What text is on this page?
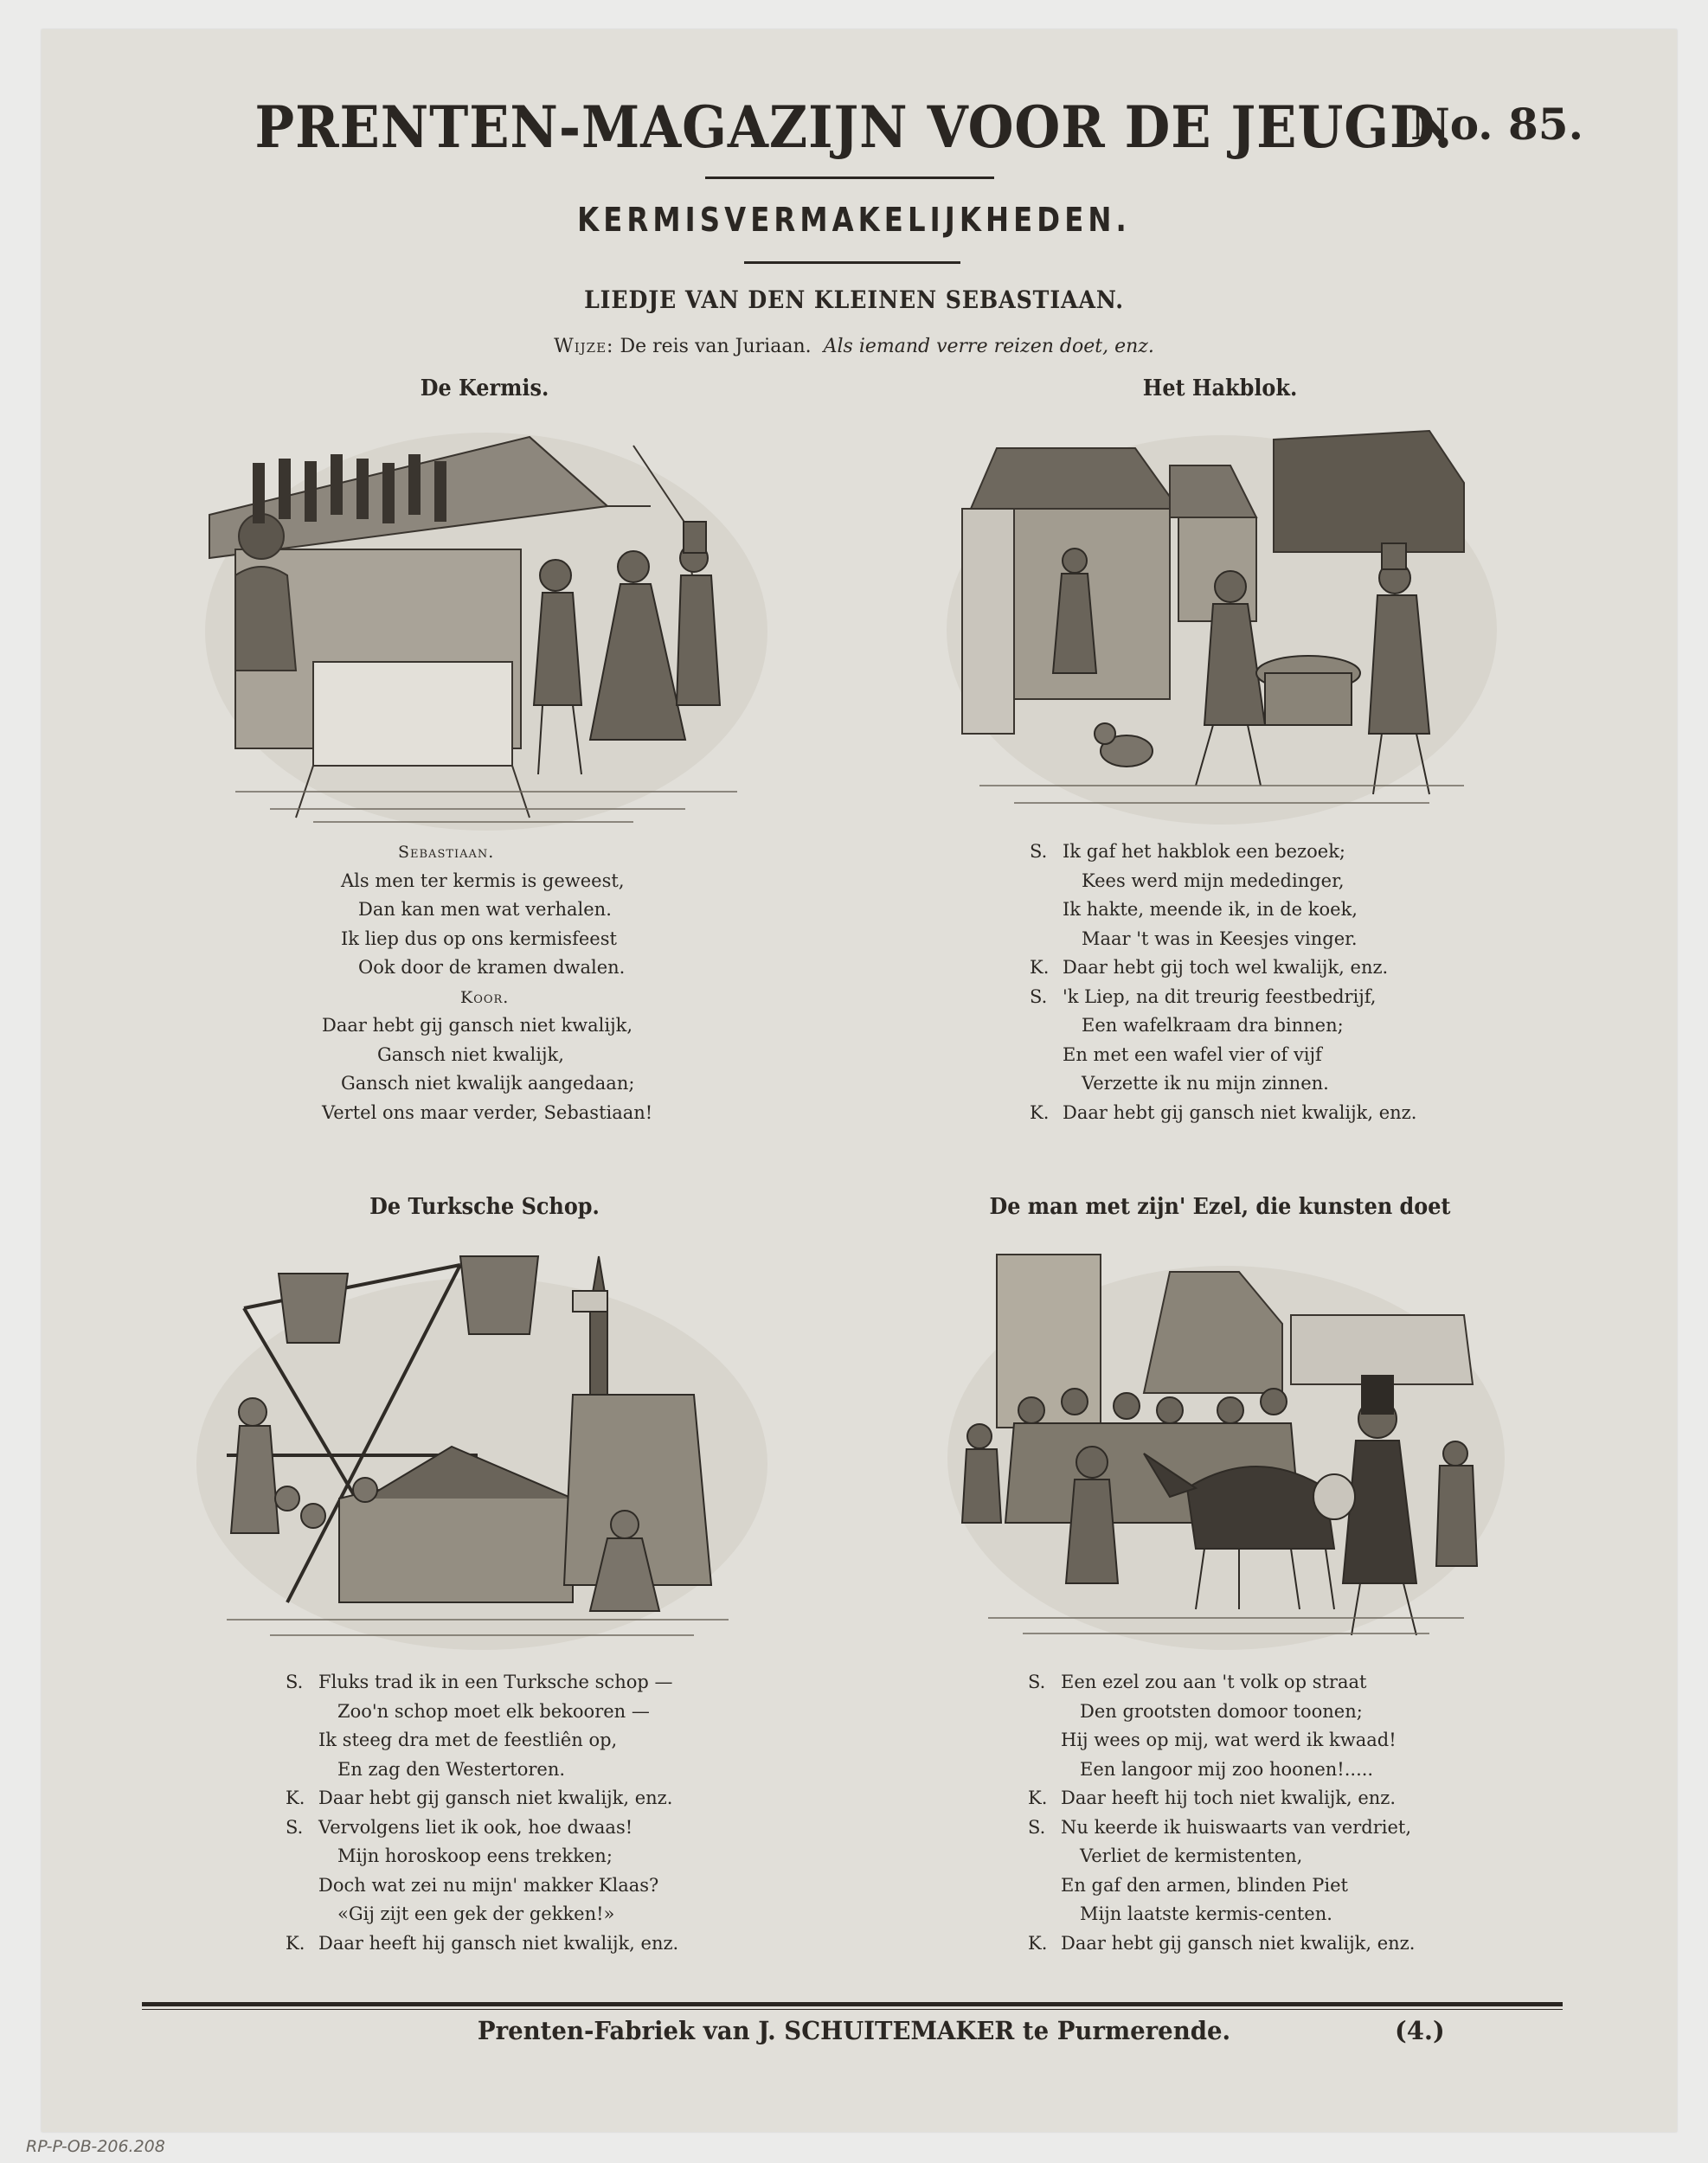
PRENTEN-MAGAZIJN VOOR DE JEUGD.
No. 85.
KERMISVERMAKELIJKHEDEN.
LIEDJE VAN DEN KLEINEN SEBASTIAAN.
Wijze: De reis van Juriaan. Als iemand verre reizen doet, enz.
De Kermis.
Sebastiaan.
Als men ter kermis is geweest,
Dan kan men wat verhalen.
Ik liep dus op ons kermisfeest
Ook door de kramen dwalen.
Koor.
Daar hebt gij gansch niet kwalijk,
Gansch niet kwalijk,
Gansch niet kwalijk aangedaan;
Vertel ons maar verder, Sebastiaan!
Het Hakblok.
S. Ik gaf het hakblok een bezoek;
Kees werd mijn mededinger,
Ik hakte, meende ik, in de koek,
Maar 't was in Keesjes vinger.
K. Daar hebt gij toch wel kwalijk, enz.
S. 'k Liep, na dit treurig feestbedrijf,
Een wafelkraam dra binnen;
En met een wafel vier of vijf
Verzette ik nu mijn zinnen.
K. Daar hebt gij gansch niet kwalijk, enz.
De Turksche Schop.
S. Fluks trad ik in een Turksche schop —
Zoo'n schop moet elk bekooren —
Ik steeg dra met de feestliên op,
En zag den Westertoren.
K. Daar hebt gij gansch niet kwalijk, enz.
S. Vervolgens liet ik ook, hoe dwaas!
Mijn horoskoop eens trekken;
Doch wat zei nu mijn' makker Klaas?
«Gij zijt een gek der gekken!»
K. Daar heeft hij gansch niet kwalijk, enz.
De man met zijn' Ezel, die kunsten doet
S. Een ezel zou aan 't volk op straat
Den grootsten domoor toonen;
Hij wees op mij, wat werd ik kwaad!
Een langoor mij zoo hoonen!.....
K. Daar heeft hij toch niet kwalijk, enz.
S. Nu keerde ik huiswaarts van verdriet,
Verliet de kermistenten,
En gaf den armen, blinden Piet
Mijn laatste kermis-centen.
K. Daar hebt gij gansch niet kwalijk, enz.
Prenten-Fabriek van J. SCHUITEMAKER te Purmerende.	(4.)
RP-P-OB-206.208
